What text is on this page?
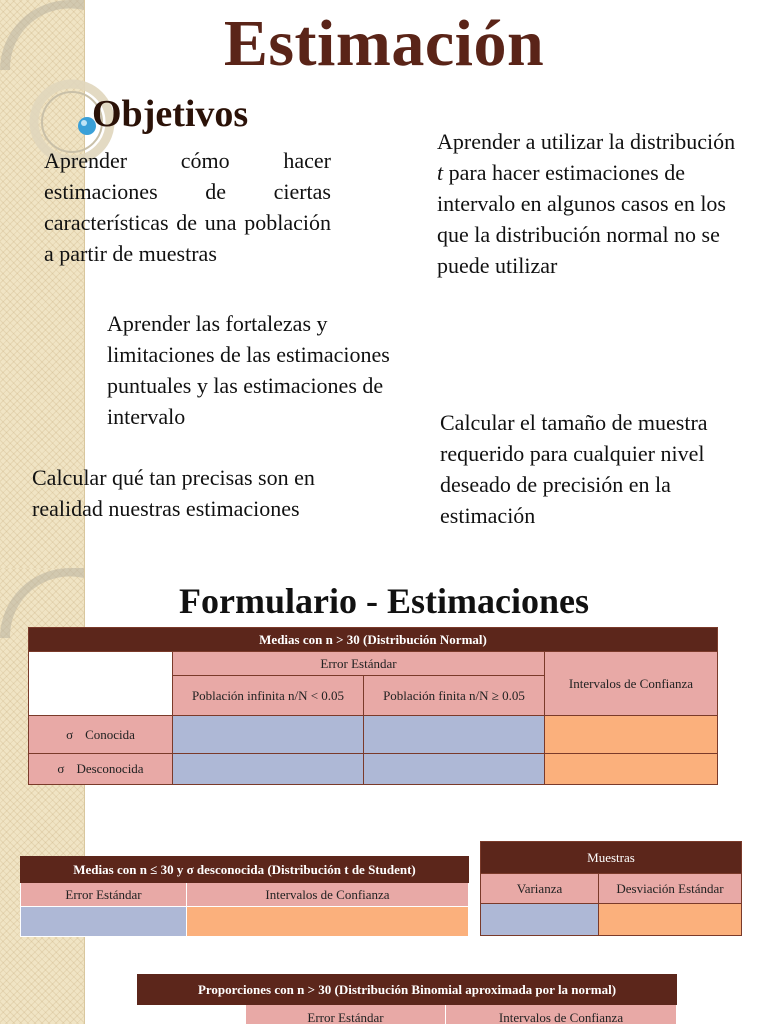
Estimación
Objetivos

Aprender cómo hacer estimaciones de ciertas características de una población a partir de muestras

Aprender a utilizar la distribución t para hacer estimaciones de intervalo en algunos casos en los que la distribución normal no se puede utilizar

Aprender las fortalezas y limitaciones de las estimaciones puntuales y las estimaciones de intervalo	Calcular el tamaño de muestra requerido para cualquier nivel deseado de precisión en la estimación

Calcular qué tan precisas son en realidad nuestras estimaciones

Formulario - Estimaciones
Medias con n > 30 (Distribución Normal)			
	Error Estándar		Intervalos de Confianza
	Población infinita n/N < 0.05	Población finita n/N ≥ 0.05	
σ Conocida			
σ Desconocida			
Medias con n ≤ 30 y σ desconocida (Distribución t de Student)	
Error Estándar	Intervalos de Confianza

Muestras	
Varianza	Desviación Estándar

Proporciones con n > 30 (Distribución Binomial aproximada por la normal)
	Error Estándar	Intervalos de Confianza
